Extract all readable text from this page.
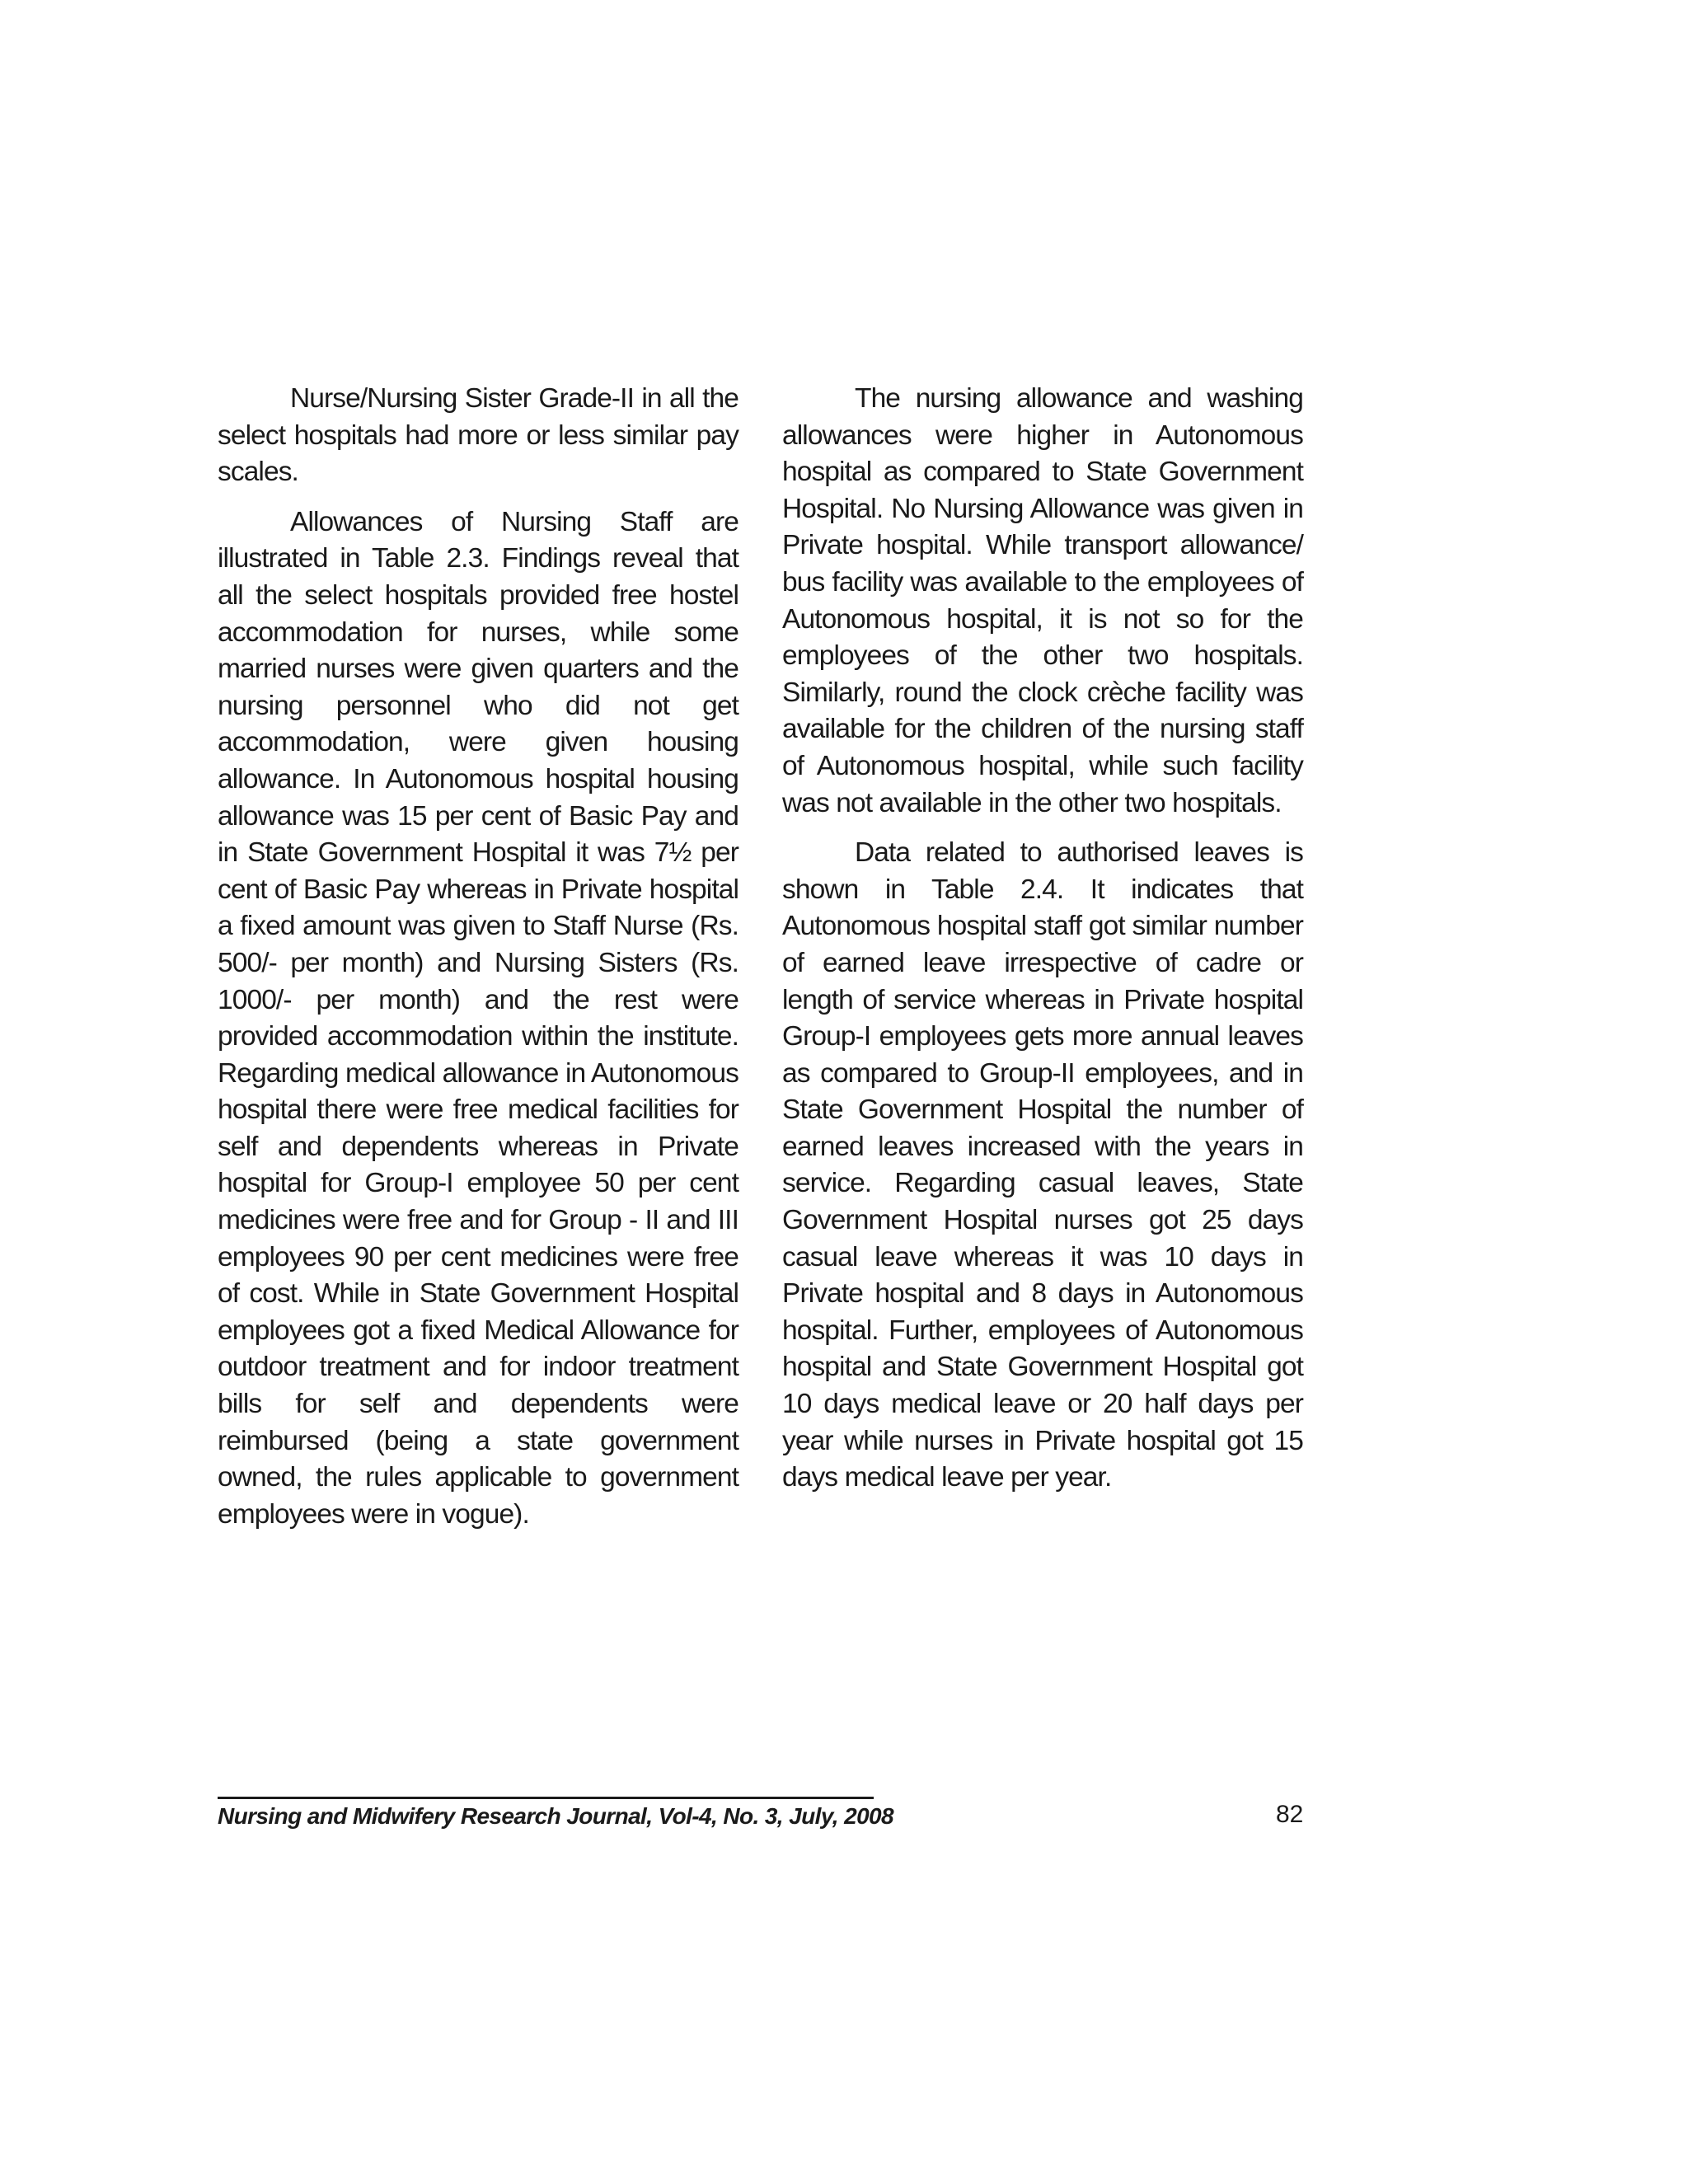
Nurse/Nursing Sister Grade-II in all the select hospitals had more or less similar pay scales.

Allowances of Nursing Staff are illustrated in Table 2.3. Findings reveal that all the select hospitals provided free hostel accommodation for nurses, while some married nurses were given quarters and the nursing personnel who did not get accommodation, were given housing allowance. In Autonomous hospital housing allowance was 15 per cent of Basic Pay and in State Government Hospital it was 7½ per cent of Basic Pay whereas in Private hospital a fixed amount was given to Staff Nurse (Rs. 500/- per month) and Nursing Sisters (Rs. 1000/- per month) and the rest were provided accommodation within the institute. Regarding medical allowance in Autonomous hospital there were free medical facilities for self and dependents whereas in Private hospital for Group-I employee 50 per cent medicines were free and for Group - II and III employees 90 per cent medicines were free of cost. While in State Government Hospital employees got a fixed Medical Allowance for outdoor treatment and for indoor treatment bills for self and dependents were reimbursed (being a state government owned, the rules applicable to government employees were in vogue).

The nursing allowance and washing allowances were higher in Autonomous hospital as compared to State Government Hospital. No Nursing Allowance was given in Private hospital. While transport allowance/ bus facility was available to the employees of Autonomous hospital, it is not so for the employees of the other two hospitals. Similarly, round the clock crèche facility was available for the children of the nursing staff of Autonomous hospital, while such facility was not available in the other two hospitals.

Data related to authorised leaves is shown in Table 2.4. It indicates that Autonomous hospital staff got similar number of earned leave irrespective of cadre or length of service whereas in Private hospital Group-I employees gets more annual leaves as compared to Group-II employees, and in State Government Hospital the number of earned leaves increased with the years in service. Regarding casual leaves, State Government Hospital nurses got 25 days casual leave whereas it was 10 days in Private hospital and 8 days in Autonomous hospital. Further, employees of Autonomous hospital and State Government Hospital got 10 days medical leave or 20 half days per year while nurses in Private hospital got 15 days medical leave per year.

Nursing and Midwifery Research Journal, Vol-4, No. 3, July, 2008	82
